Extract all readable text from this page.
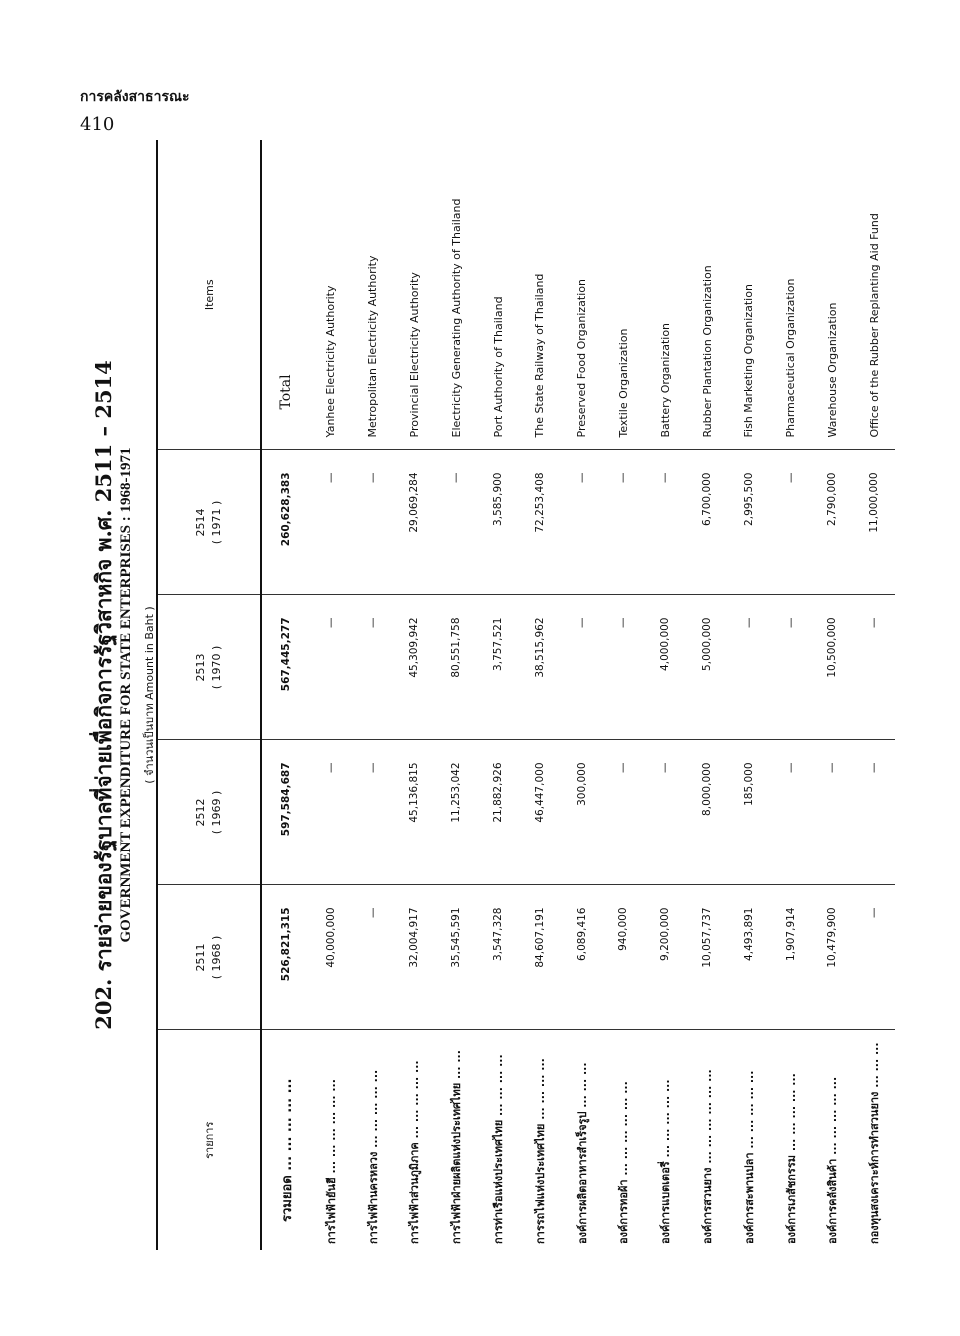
การคลังสาธารณะ
410
202. รายจ่ายของรัฐบาลที่จ่ายเพื่อกิจการรัฐวิสาหกิจ พ.ศ. 2511 – 2514 GOVERNMENT EXPENDITURE FOR STATE ENTERPRISES : 1968-1971 ( จำนวนเป็นบาท Amount in Baht )
รายการ	2511 ( 1968 )	2512 ( 1969 )	2513 ( 1970 )	2514 ( 1971 )	Items
รวมยอด ... ... ... ... ...	526,821,315	597,584,687	567,445,277	260,628,383	Total
การไฟฟ้ายันฮี ... ... ... ... ... ...	40,000,000	—	—	—	Yanhee Electricity Authority
การไฟฟ้านครหลวง ... ... ... ... ...	—	—	—	—	Metropolitan Electricity Authority
การไฟฟ้าส่วนภูมิภาค ... ... ... ... ...	32,004,917	45,136,815	45,309,942	29,069,284	Provincial Electricity Authority
การไฟฟ้าฝ่ายผลิตแห่งประเทศไทย ... ...	35,545,591	11,253,042	80,551,758	—	Electricity Generating Authority of Thailand
การท่าเรือแห่งประเทศไทย ... ... ... ...	3,547,328	21,882,926	3,757,521	3,585,900	Port Authority of Thailand
การรถไฟแห่งประเทศไทย ... ... ... ...	84,607,191	46,447,000	38,515,962	72,253,408	The State Railway of Thailand
องค์การผลิตอาหารสำเร็จรูป ... ... ...	6,089,416	300,000	—	—	Preserved Food Organization
องค์การทอผ้า ... ... ... ... ... ...	940,000	—	—	—	Textile Organization
องค์การแบตเตอรี่ ... ... ... ... ...	9,200,000	—	4,000,000	—	Battery Organization
องค์การสวนยาง ... ... ... ... ... ...	10,057,737	8,000,000	5,000,000	6,700,000	Rubber Plantation Organization
องค์การสะพานปลา ... ... ... ... ...	4,493,891	185,000	—	2,995,500	Fish Marketing Organization
องค์การเภสัชกรรม ... ... ... ... ...	1,907,914	—	—	—	Pharmaceutical Organization
องค์การคลังสินค้า ... ... ... ... ...	10,479,900	—	10,500,000	2,790,000	Warehouse Organization
กองทุนสงเคราะห์การทำสวนยาง ... ... ...	—	—	—	11,000,000	Office of the Rubber Replanting Aid Fund
